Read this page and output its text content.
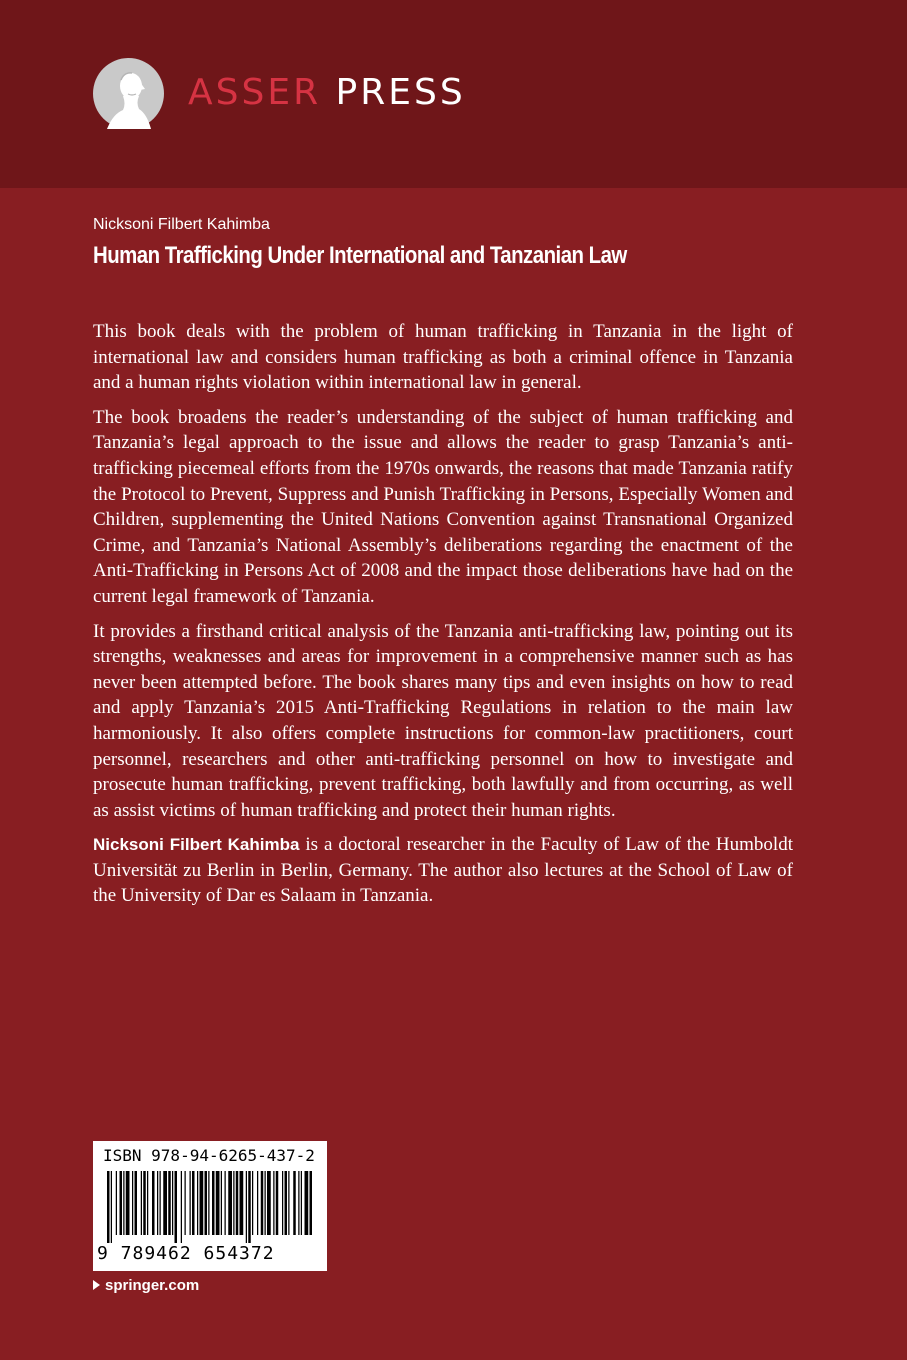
ASSER PRESS
Nicksoni Filbert Kahimba
Human Trafficking Under International and Tanzanian Law

This book deals with the problem of human trafficking in Tanzania in the light of international law and considers human trafficking as both a criminal offence in Tanzania and a human rights violation within international law in general.

The book broadens the reader’s understanding of the subject of human trafficking and Tanzania’s legal approach to the issue and allows the reader to grasp Tanzania’s anti-trafficking piecemeal efforts from the 1970s onwards, the reasons that made Tanzania ratify the Protocol to Prevent, Suppress and Punish Trafficking in Persons, Especially Women and Children, supplementing the United Nations Convention against Transnational Organized Crime, and Tanzania’s National Assembly’s deliberations regarding the enactment of the Anti-Trafficking in Persons Act of 2008 and the impact those deliberations have had on the current legal framework of Tanzania.

It provides a firsthand critical analysis of the Tanzania anti-trafficking law, pointing out its strengths, weaknesses and areas for improvement in a comprehensive manner such as has never been attempted before. The book shares many tips and even insights on how to read and apply Tanzania’s 2015 Anti-Trafficking Regulations in relation to the main law harmoniously. It also offers complete instructions for common-law practitioners, court personnel, researchers and other anti-trafficking personnel on how to investigate and prosecute human trafficking, prevent trafficking, both lawfully and from occurring, as well as assist victims of human trafficking and protect their human rights.

Nicksoni Filbert Kahimba is a doctoral researcher in the Faculty of Law of the Humboldt Universität zu Berlin in Berlin, Germany. The author also lectures at the School of Law of the University of Dar es Salaam in Tanzania.

ISBN 978-94-6265-437-2
9 789462 654372
springer.com
